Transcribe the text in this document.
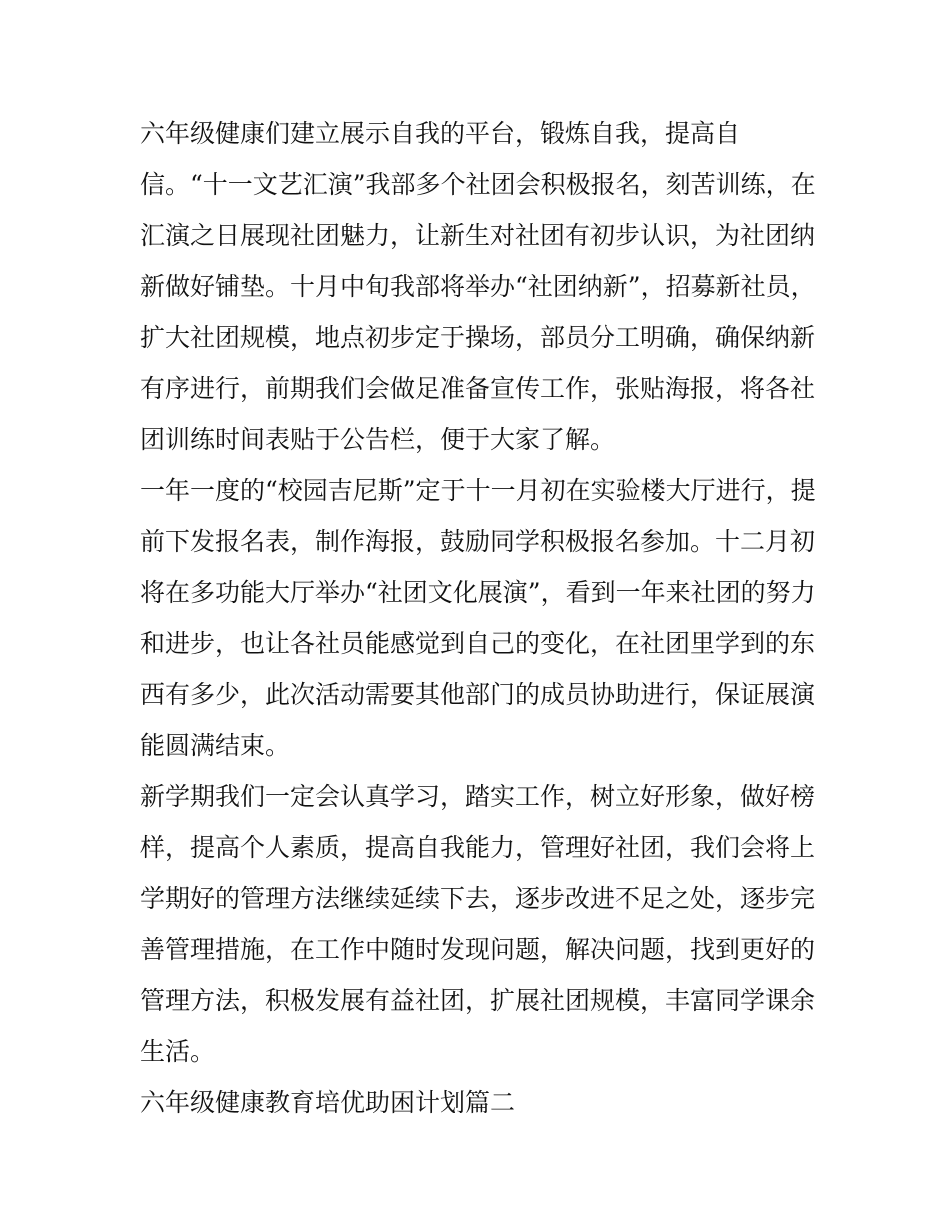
六年级健康们建立展示自我的平台，锻炼自我，提高自
信。“十一文艺汇演”我部多个社团会积极报名，刻苦训练，在
汇演之日展现社团魅力，让新生对社团有初步认识，为社团纳
新做好铺垫。十月中旬我部将举办“社团纳新”，招募新社员，
扩大社团规模，地点初步定于操场，部员分工明确，确保纳新
有序进行，前期我们会做足准备宣传工作，张贴海报，将各社
团训练时间表贴于公告栏，便于大家了解。
一年一度的“校园吉尼斯”定于十一月初在实验楼大厅进行，提
前下发报名表，制作海报，鼓励同学积极报名参加。十二月初
将在多功能大厅举办“社团文化展演”，看到一年来社团的努力
和进步，也让各社员能感觉到自己的变化，在社团里学到的东
西有多少，此次活动需要其他部门的成员协助进行，保证展演
能圆满结束。
新学期我们一定会认真学习，踏实工作，树立好形象，做好榜
样，提高个人素质，提高自我能力，管理好社团，我们会将上
学期好的管理方法继续延续下去，逐步改进不足之处，逐步完
善管理措施，在工作中随时发现问题，解决问题，找到更好的
管理方法，积极发展有益社团，扩展社团规模，丰富同学课余
生活。
六年级健康教育培优助困计划篇二
